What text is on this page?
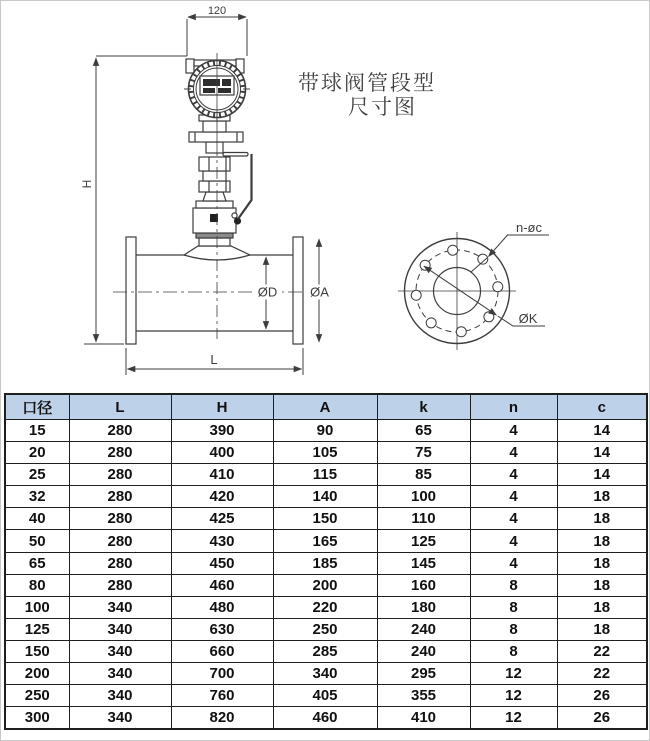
120
H
ØD	ØA
L
n-øc
ØK
带球阀管段型
尺寸图
口径	L	H	A	k	n	c
15	280	390	90	65	4	14
20	280	400	105	75	4	14
25	280	410	115	85	4	14
32	280	420	140	100	4	18
40	280	425	150	110	4	18
50	280	430	165	125	4	18
65	280	450	185	145	4	18
80	280	460	200	160	8	18
100	340	480	220	180	8	18
125	340	630	250	240	8	18
150	340	660	285	240	8	22
200	340	700	340	295	12	22
250	340	760	405	355	12	26
300	340	820	460	410	12	26
